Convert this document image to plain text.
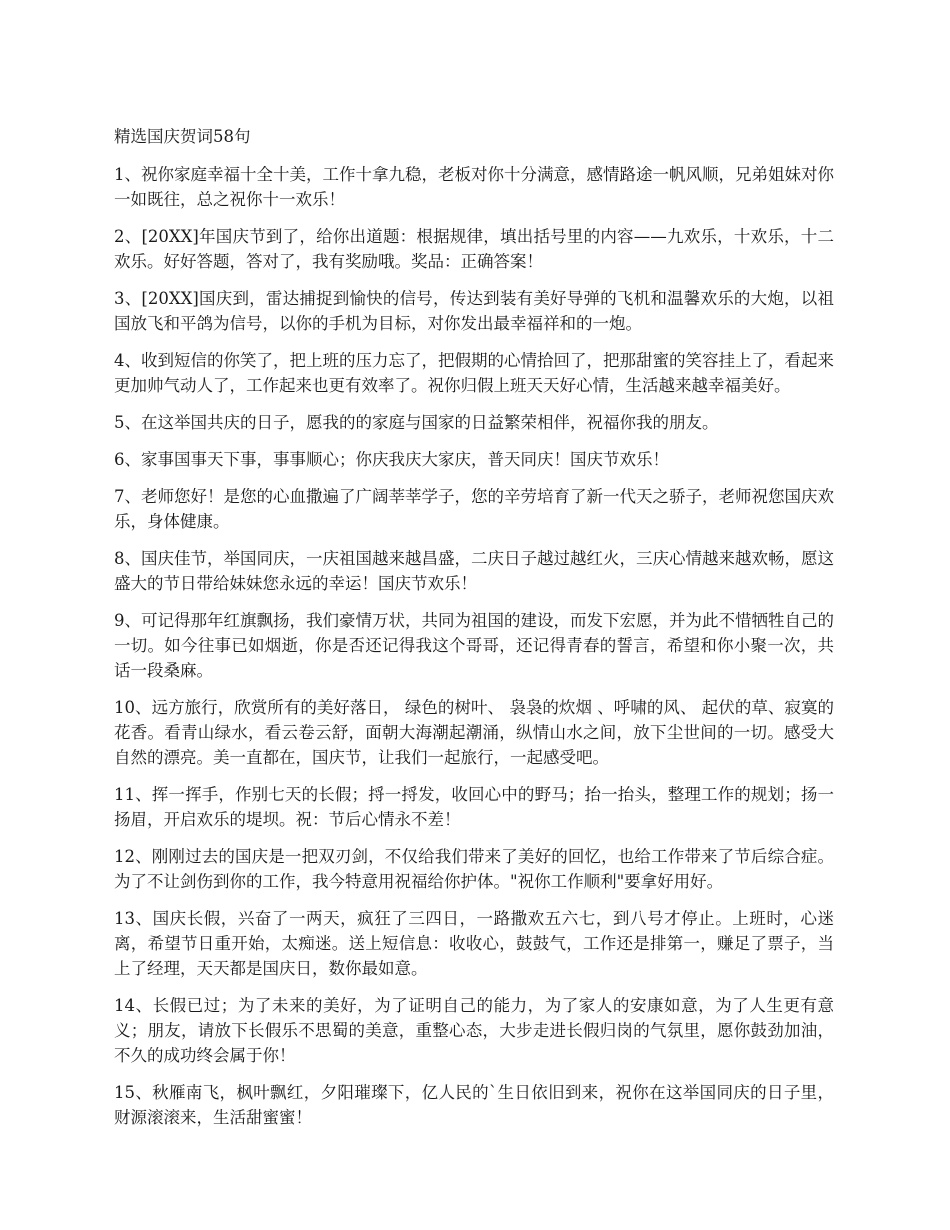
精选国庆贺词58句

1、祝你家庭幸福十全十美，工作十拿九稳，老板对你十分满意，感情路途一帆风顺，兄弟姐妹对你一如既往，总之祝你十一欢乐！

2、[20XX]年国庆节到了，给你出道题：根据规律，填出括号里的内容——九欢乐，十欢乐，十二欢乐。好好答题，答对了，我有奖励哦。奖品：正确答案！

3、[20XX]国庆到，雷达捕捉到愉快的信号，传达到装有美好导弹的飞机和温馨欢乐的大炮，以祖国放飞和平鸽为信号，以你的手机为目标，对你发出最幸福祥和的一炮。

4、收到短信的你笑了，把上班的压力忘了，把假期的心情拾回了，把那甜蜜的笑容挂上了，看起来更加帅气动人了，工作起来也更有效率了。祝你归假上班天天好心情，生活越来越幸福美好。

5、在这举国共庆的日子，愿我的的家庭与国家的日益繁荣相伴，祝福你我的朋友。

6、家事国事天下事，事事顺心；你庆我庆大家庆，普天同庆！国庆节欢乐！

7、老师您好！是您的心血撒遍了广阔莘莘学子，您的辛劳培育了新一代天之骄子，老师祝您国庆欢乐，身体健康。

8、国庆佳节，举国同庆，一庆祖国越来越昌盛，二庆日子越过越红火，三庆心情越来越欢畅，愿这盛大的节日带给妹妹您永远的幸运！国庆节欢乐！

9、可记得那年红旗飘扬，我们豪情万状，共同为祖国的建设，而发下宏愿，并为此不惜牺牲自己的一切。如今往事已如烟逝，你是否还记得我这个哥哥，还记得青春的誓言，希望和你小聚一次，共话一段桑麻。

10、远方旅行，欣赏所有的美好落日， 绿色的树叶、 袅袅的炊烟 、呼啸的风、 起伏的草、寂寞的花香。看青山绿水，看云卷云舒，面朝大海潮起潮涌，纵情山水之间，放下尘世间的一切。感受大自然的漂亮。美一直都在，国庆节，让我们一起旅行，一起感受吧。

11、挥一挥手，作别七天的长假；捋一捋发，收回心中的野马；抬一抬头，整理工作的规划；扬一扬眉，开启欢乐的堤坝。祝：节后心情永不差！

12、刚刚过去的国庆是一把双刃剑，不仅给我们带来了美好的回忆，也给工作带来了节后综合症。为了不让剑伤到你的工作，我今特意用祝福给你护体。"祝你工作顺利"要拿好用好。

13、国庆长假，兴奋了一两天，疯狂了三四日，一路撒欢五六七，到八号才停止。上班时，心迷离，希望节日重开始，太痴迷。送上短信息：收收心，鼓鼓气，工作还是排第一，赚足了票子，当上了经理，天天都是国庆日，数你最如意。

14、长假已过；为了未来的美好，为了证明自己的能力，为了家人的安康如意，为了人生更有意义；朋友，请放下长假乐不思蜀的美意，重整心态，大步走进长假归岗的气氛里，愿你鼓劲加油，不久的成功终会属于你！

15、秋雁南飞，枫叶飘红，夕阳璀璨下，亿人民的`生日依旧到来，祝你在这举国同庆的日子里，财源滚滚来，生活甜蜜蜜！
